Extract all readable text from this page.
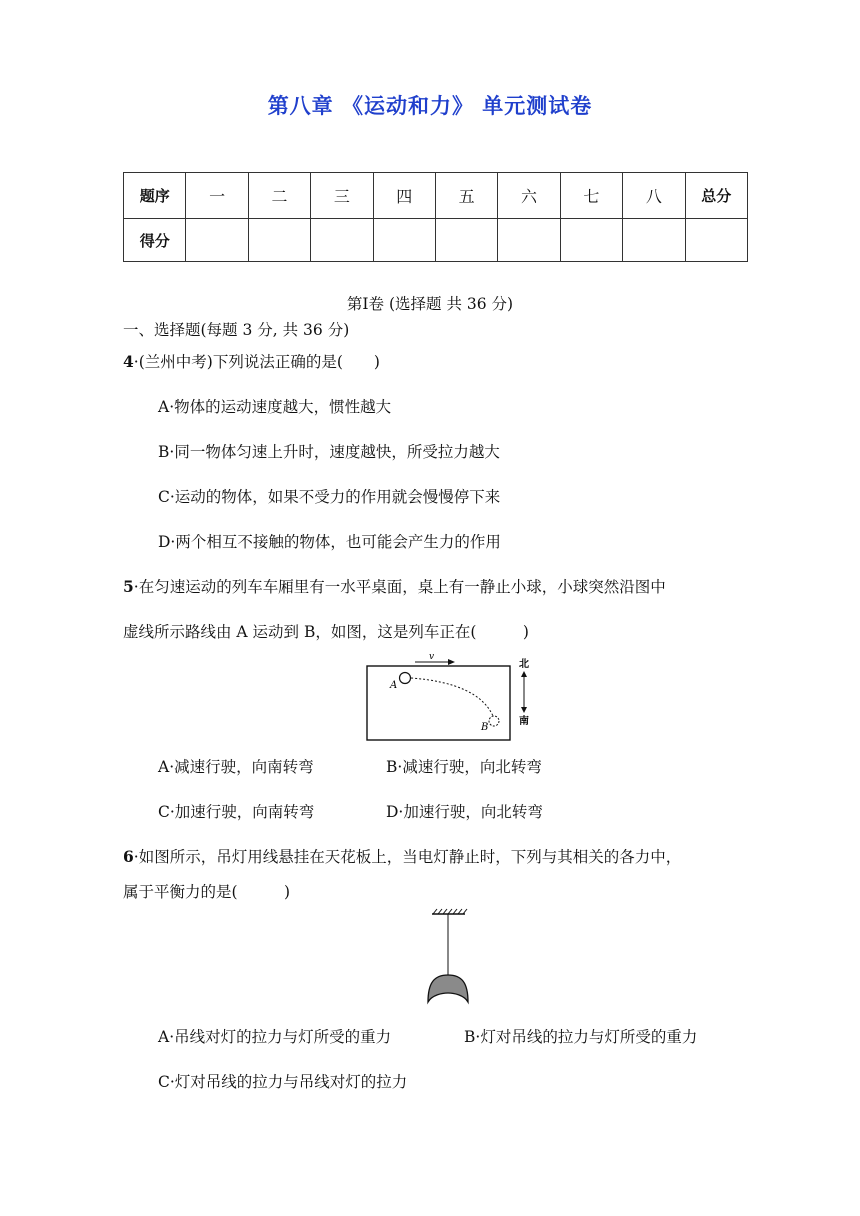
第八章 《运动和力》 单元测试卷
题序	一	二	三	四	五	六	七	八	总分
得分									
第Ⅰ卷 (选择题 共 36 分)
一、选择题(每题 3 分, 共 36 分)
4·(兰州中考)下列说法正确的是(　　)
A·物体的运动速度越大，惯性越大
B·同一物体匀速上升时，速度越快，所受拉力越大
C·运动的物体，如果不受力的作用就会慢慢停下来
D·两个相互不接触的物体，也可能会产生力的作用
5·在匀速运动的列车车厢里有一水平桌面，桌上有一静止小球，小球突然沿图中
虚线所示路线由 A 运动到 B，如图，这是列车正在(　　　)
v
A
B
北
南
A·减速行驶，向南转弯	B·减速行驶，向北转弯
C·加速行驶，向南转弯	D·加速行驶，向北转弯
6·如图所示，吊灯用线悬挂在天花板上，当电灯静止时，下列与其相关的各力中，
属于平衡力的是(　　　)
A·吊线对灯的拉力与灯所受的重力	B·灯对吊线的拉力与灯所受的重力
C·灯对吊线的拉力与吊线对灯的拉力
